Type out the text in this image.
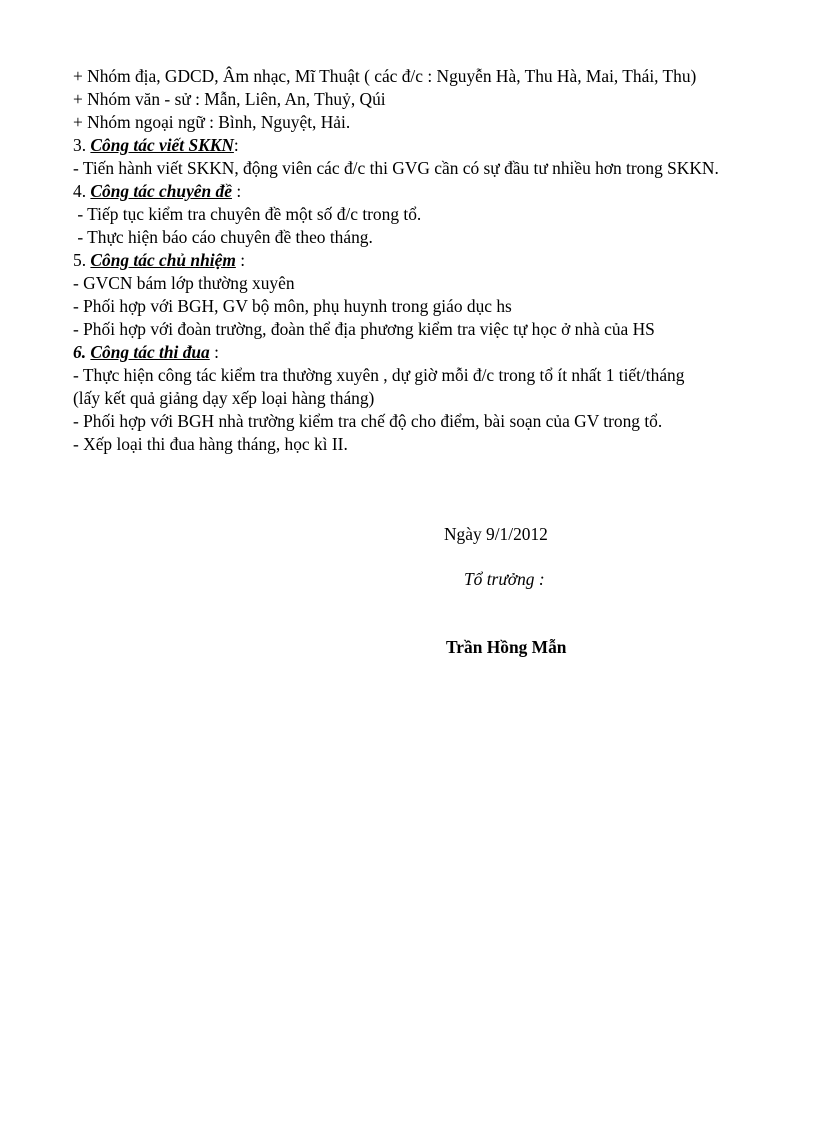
+ Nhóm địa, GDCD, Âm nhạc, Mĩ Thuật ( các đ/c : Nguyễn Hà, Thu Hà, Mai, Thái, Thu)
+ Nhóm văn - sử : Mẫn, Liên, An, Thuỷ, Qúi
+ Nhóm ngoại ngữ : Bình, Nguyệt, Hải.
3. Công tác viết SKKN:
- Tiến hành viết SKKN, động viên các đ/c thi GVG cần có sự đầu tư nhiều hơn trong SKKN.
4. Công tác chuyên đề :
- Tiếp tục kiểm tra chuyên đề một số đ/c trong tổ.
- Thực hiện báo cáo chuyên đề theo tháng.
5. Công tác chủ nhiệm :
- GVCN bám lớp thường xuyên
- Phối hợp với BGH, GV bộ môn, phụ huynh trong giáo dục hs
- Phối hợp với đoàn trường, đoàn thể địa phương kiểm tra việc tự học ở nhà của HS
6. Công tác thi đua :
- Thực hiện công tác kiểm tra thường xuyên , dự giờ mỗi đ/c trong tổ ít nhất 1 tiết/tháng
(lấy kết quả giảng dạy xếp loại hàng tháng)
- Phối hợp với BGH nhà trường kiểm tra chế độ cho điểm, bài soạn của GV trong tổ.
- Xếp loại thi đua hàng tháng, học kì II.
Ngày 9/1/2012
Tổ trưởng :
Trần Hồng Mẫn
